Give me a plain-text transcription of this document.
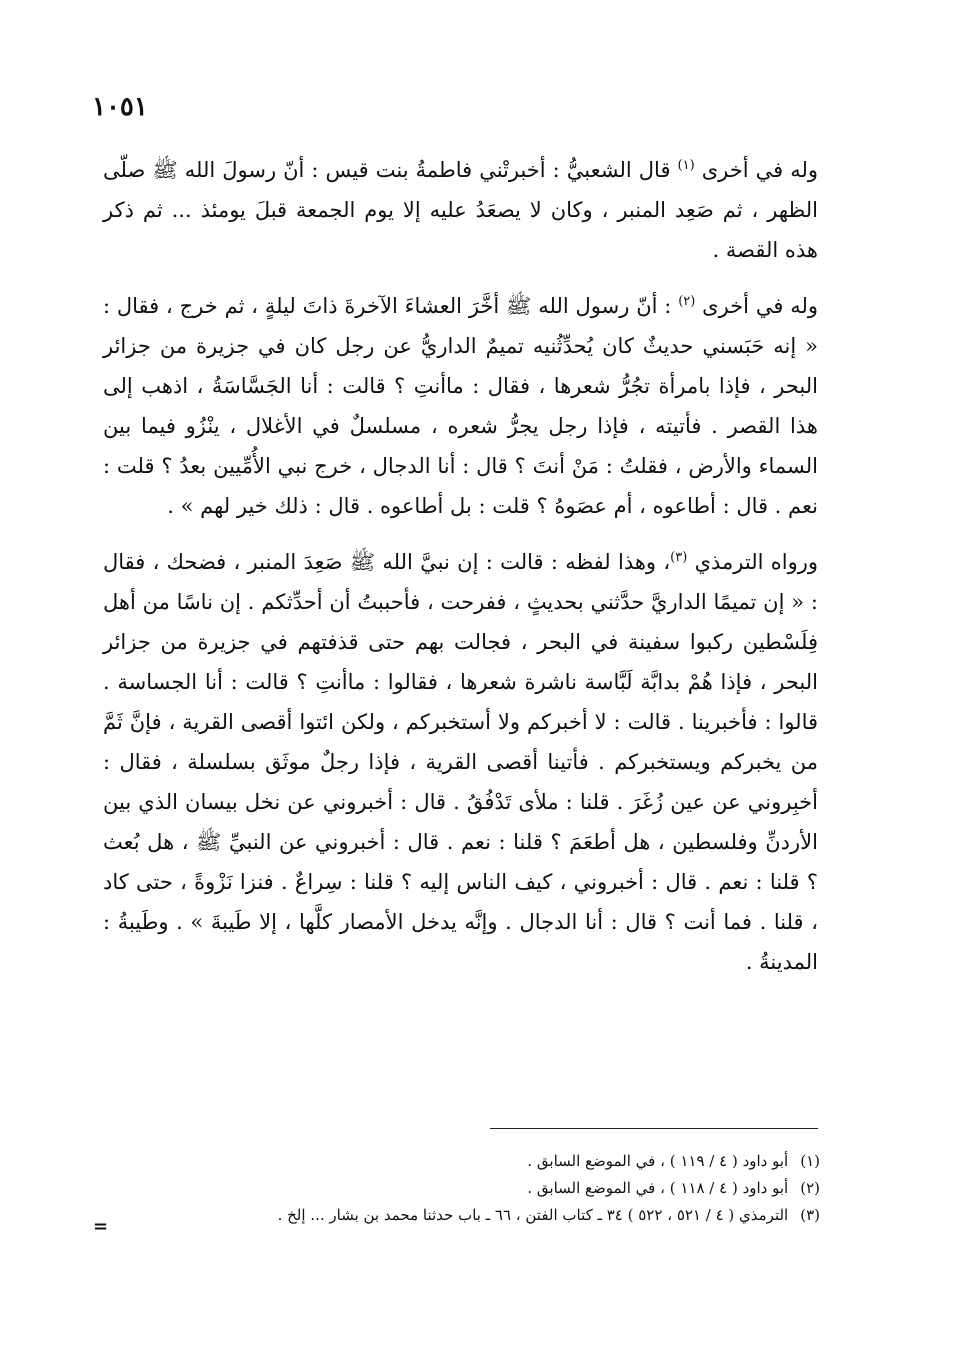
١٠٥١

وله في أخرى $^{(١)}$ قال الشعبيُّ : أخبرتْني فاطمةُ بنت قيس : أنّ رسولَ الله ﷺ صلّى الظهر ، ثم صَعِد المنبر ، وكان لا يصعَدُ عليه إلا يوم الجمعة قبلَ يومئذ ... ثم ذكر هذه القصة .

وله في أخرى $^{(٢)}$ : أنّ رسول الله ﷺ أخَّرَ العشاءَ الآخرةَ ذاتَ ليلةٍ ، ثم خرج ، فقال : « إنه حَبَسني حديثٌ كان يُحدِّثُنيه تميمٌ الداريُّ عن رجل كان في جزيرة من جزائر البحر ، فإذا بامرأة تجُرُّ شعرها ، فقال : ماأنتِ ؟ قالت : أنا الجَسَّاسَةُ ، اذهب إلى هذا القصر . فأتيته ، فإذا رجل يجرُّ شعره ، مسلسلٌ في الأغلال ، ينْزُو فيما بين السماء والأرض ، فقلتُ : مَنْ أنتَ ؟ قال : أنا الدجال ، خرج نبي الأُمِّيين بعدُ ؟ قلت : نعم . قال : أطاعوه ، أم عصَوهُ ؟ قلت : بل أطاعوه . قال : ذلك خير لهم » .

ورواه الترمذي $^{(٣)}$، وهذا لفظه : قالت : إن نبيَّ الله ﷺ صَعِدَ المنبر ، فضحك ، فقال : « إن تميمًا الداريَّ حدَّثني بحديثٍ ، ففرحت ، فأحببتُ أن أحدِّثكم . إن ناسًا من أهل فِلَسْطين ركبوا سفينة في البحر ، فجالت بهم حتى قذفتهم في جزيرة من جزائر البحر ، فإذا هُمْ بدابَّة لَبَّاسة ناشرة شعرها ، فقالوا : ماأنتِ ؟ قالت : أنا الجساسة . قالوا : فأخبرينا . قالت : لا أخبركم ولا أستخبركم ، ولكن ائتوا أقصى القرية ، فإنَّ ثَمَّ من يخبركم ويستخبركم . فأتينا أقصى القرية ، فإذا رجلٌ موثَق بسلسلة ، فقال : أخبِروني عن عين زُغَرَ . قلنا : ملأى تَدْفُقُ . قال : أخبروني عن نخل بيسان الذي بين الأردنِّ وفلسطين ، هل أطعَمَ ؟ قلنا : نعم . قال : أخبروني عن النبيِّ ﷺ ، هل بُعث ؟ قلنا : نعم . قال : أخبروني ، كيف الناس إليه ؟ قلنا : سِراعٌ . فنزا نَزْوةً ، حتى كاد ، قلنا . فما أنت ؟ قال : أنا الدجال . وإنَّه يدخل الأمصار كلَّها ، إلا طَيبةَ » . وطَيبةُ : المدينةُ .

(١)أبو داود ( ٤ / ١١٩ ) ، في الموضع السابق .
(٢)أبو داود ( ٤ / ١١٨ ) ، في الموضع السابق .
(٣)الترمذي ( ٤ / ٥٢١ ، ٥٢٢ ) ٣٤ ـ كتاب الفتن ، ٦٦ ـ باب حدثنا محمد بن بشار ... إلخ .
=
